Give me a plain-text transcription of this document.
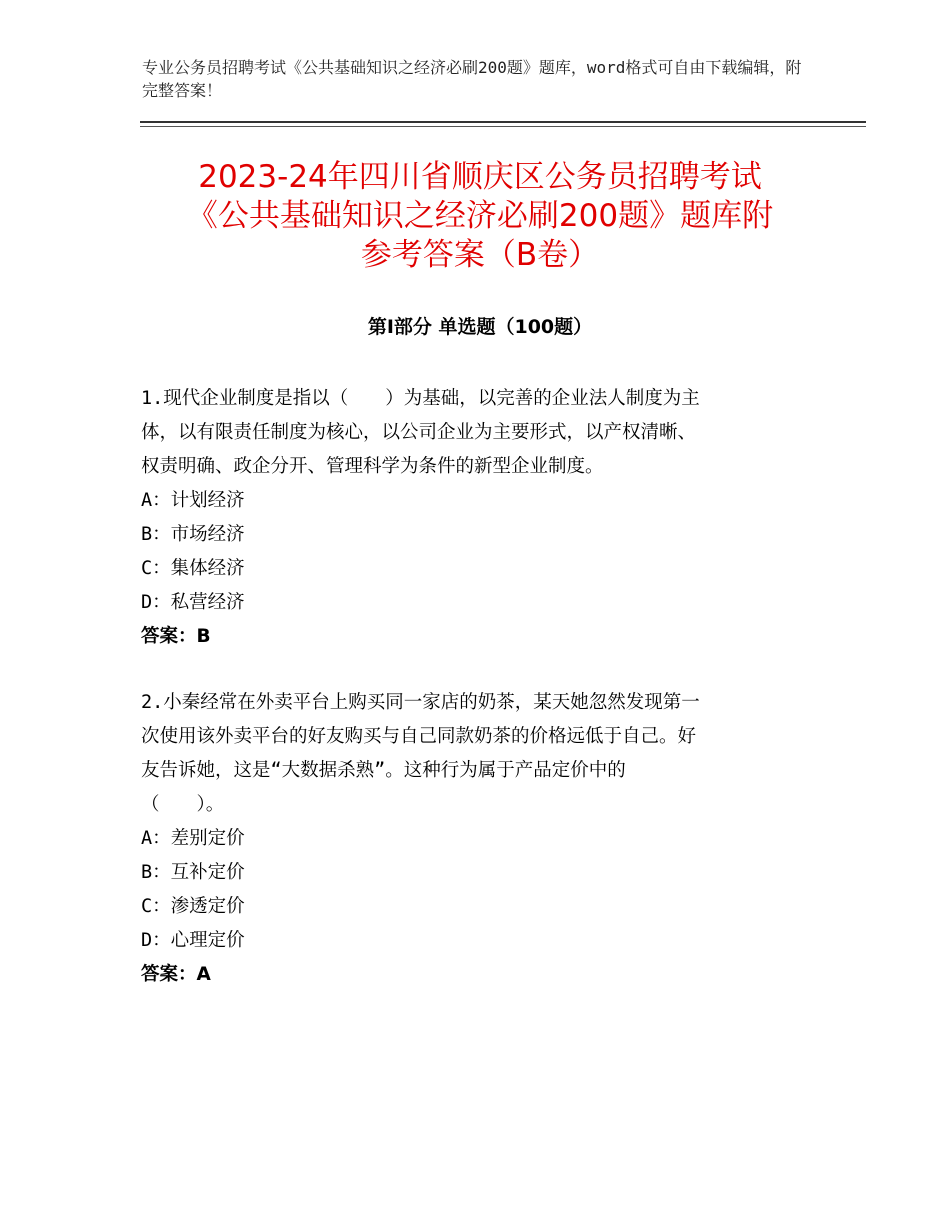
专业公务员招聘考试《公共基础知识之经济必刷200题》题库，word格式可自由下载编辑，附完整答案！
2023-24年四川省顺庆区公务员招聘考试
《公共基础知识之经济必刷200题》题库附
参考答案（B卷）
第Ⅰ部分 单选题（100题）
1.现代企业制度是指以（　　）为基础，以完善的企业法人制度为主
体，以有限责任制度为核心，以公司企业为主要形式，以产权清晰、
权责明确、政企分开、管理科学为条件的新型企业制度。
A：计划经济
B：市场经济
C：集体经济
D：私营经济
答案：B
2.小秦经常在外卖平台上购买同一家店的奶茶，某天她忽然发现第一
次使用该外卖平台的好友购买与自己同款奶茶的价格远低于自己。好
友告诉她，这是“大数据杀熟”。这种行为属于产品定价中的
（　　）。
A：差别定价
B：互补定价
C：渗透定价
D：心理定价
答案：A
